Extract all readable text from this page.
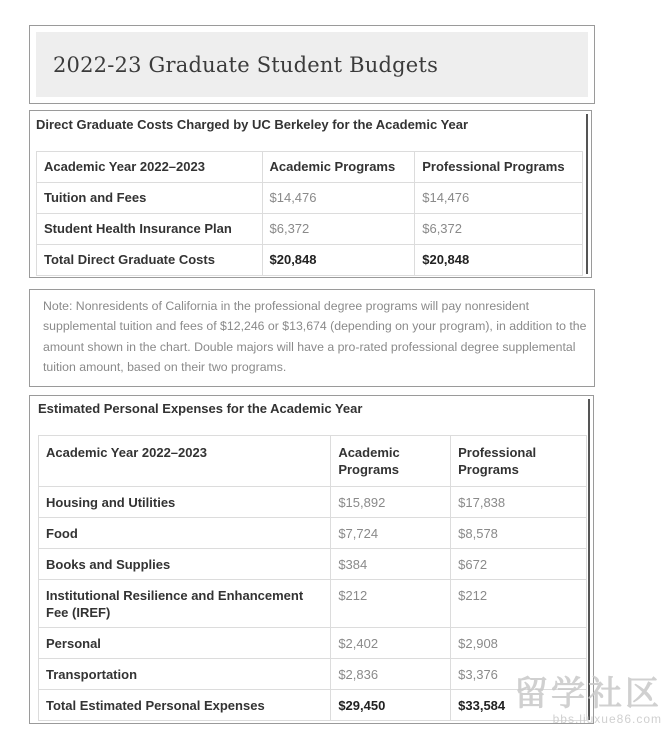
2022-23 Graduate Student Budgets
Direct Graduate Costs Charged by UC Berkeley for the Academic Year
Academic Year 2022–2023	Academic Programs	Professional Programs
Tuition and Fees	$14,476	$14,476
Student Health Insurance Plan	$6,372	$6,372
Total Direct Graduate Costs	$20,848	$20,848

Note: Nonresidents of California in the professional degree programs will pay nonresident supplemental tuition and fees of $12,246 or $13,674 (depending on your program), in addition to the amount shown in the chart. Double majors will have a pro-rated professional degree supplemental tuition amount, based on their two programs.

Estimated Personal Expenses for the Academic Year
Academic Year 2022–2023	Academic Programs	Professional Programs
Housing and Utilities	$15,892	$17,838
Food	$7,724	$8,578
Books and Supplies	$384	$672
Institutional Resilience and Enhancement Fee (IREF)	$212	$212
Personal	$2,402	$2,908
Transportation	$2,836	$3,376
Total Estimated Personal Expenses	$29,450	$33,584 留学社区
bbs.liuxue86.com
